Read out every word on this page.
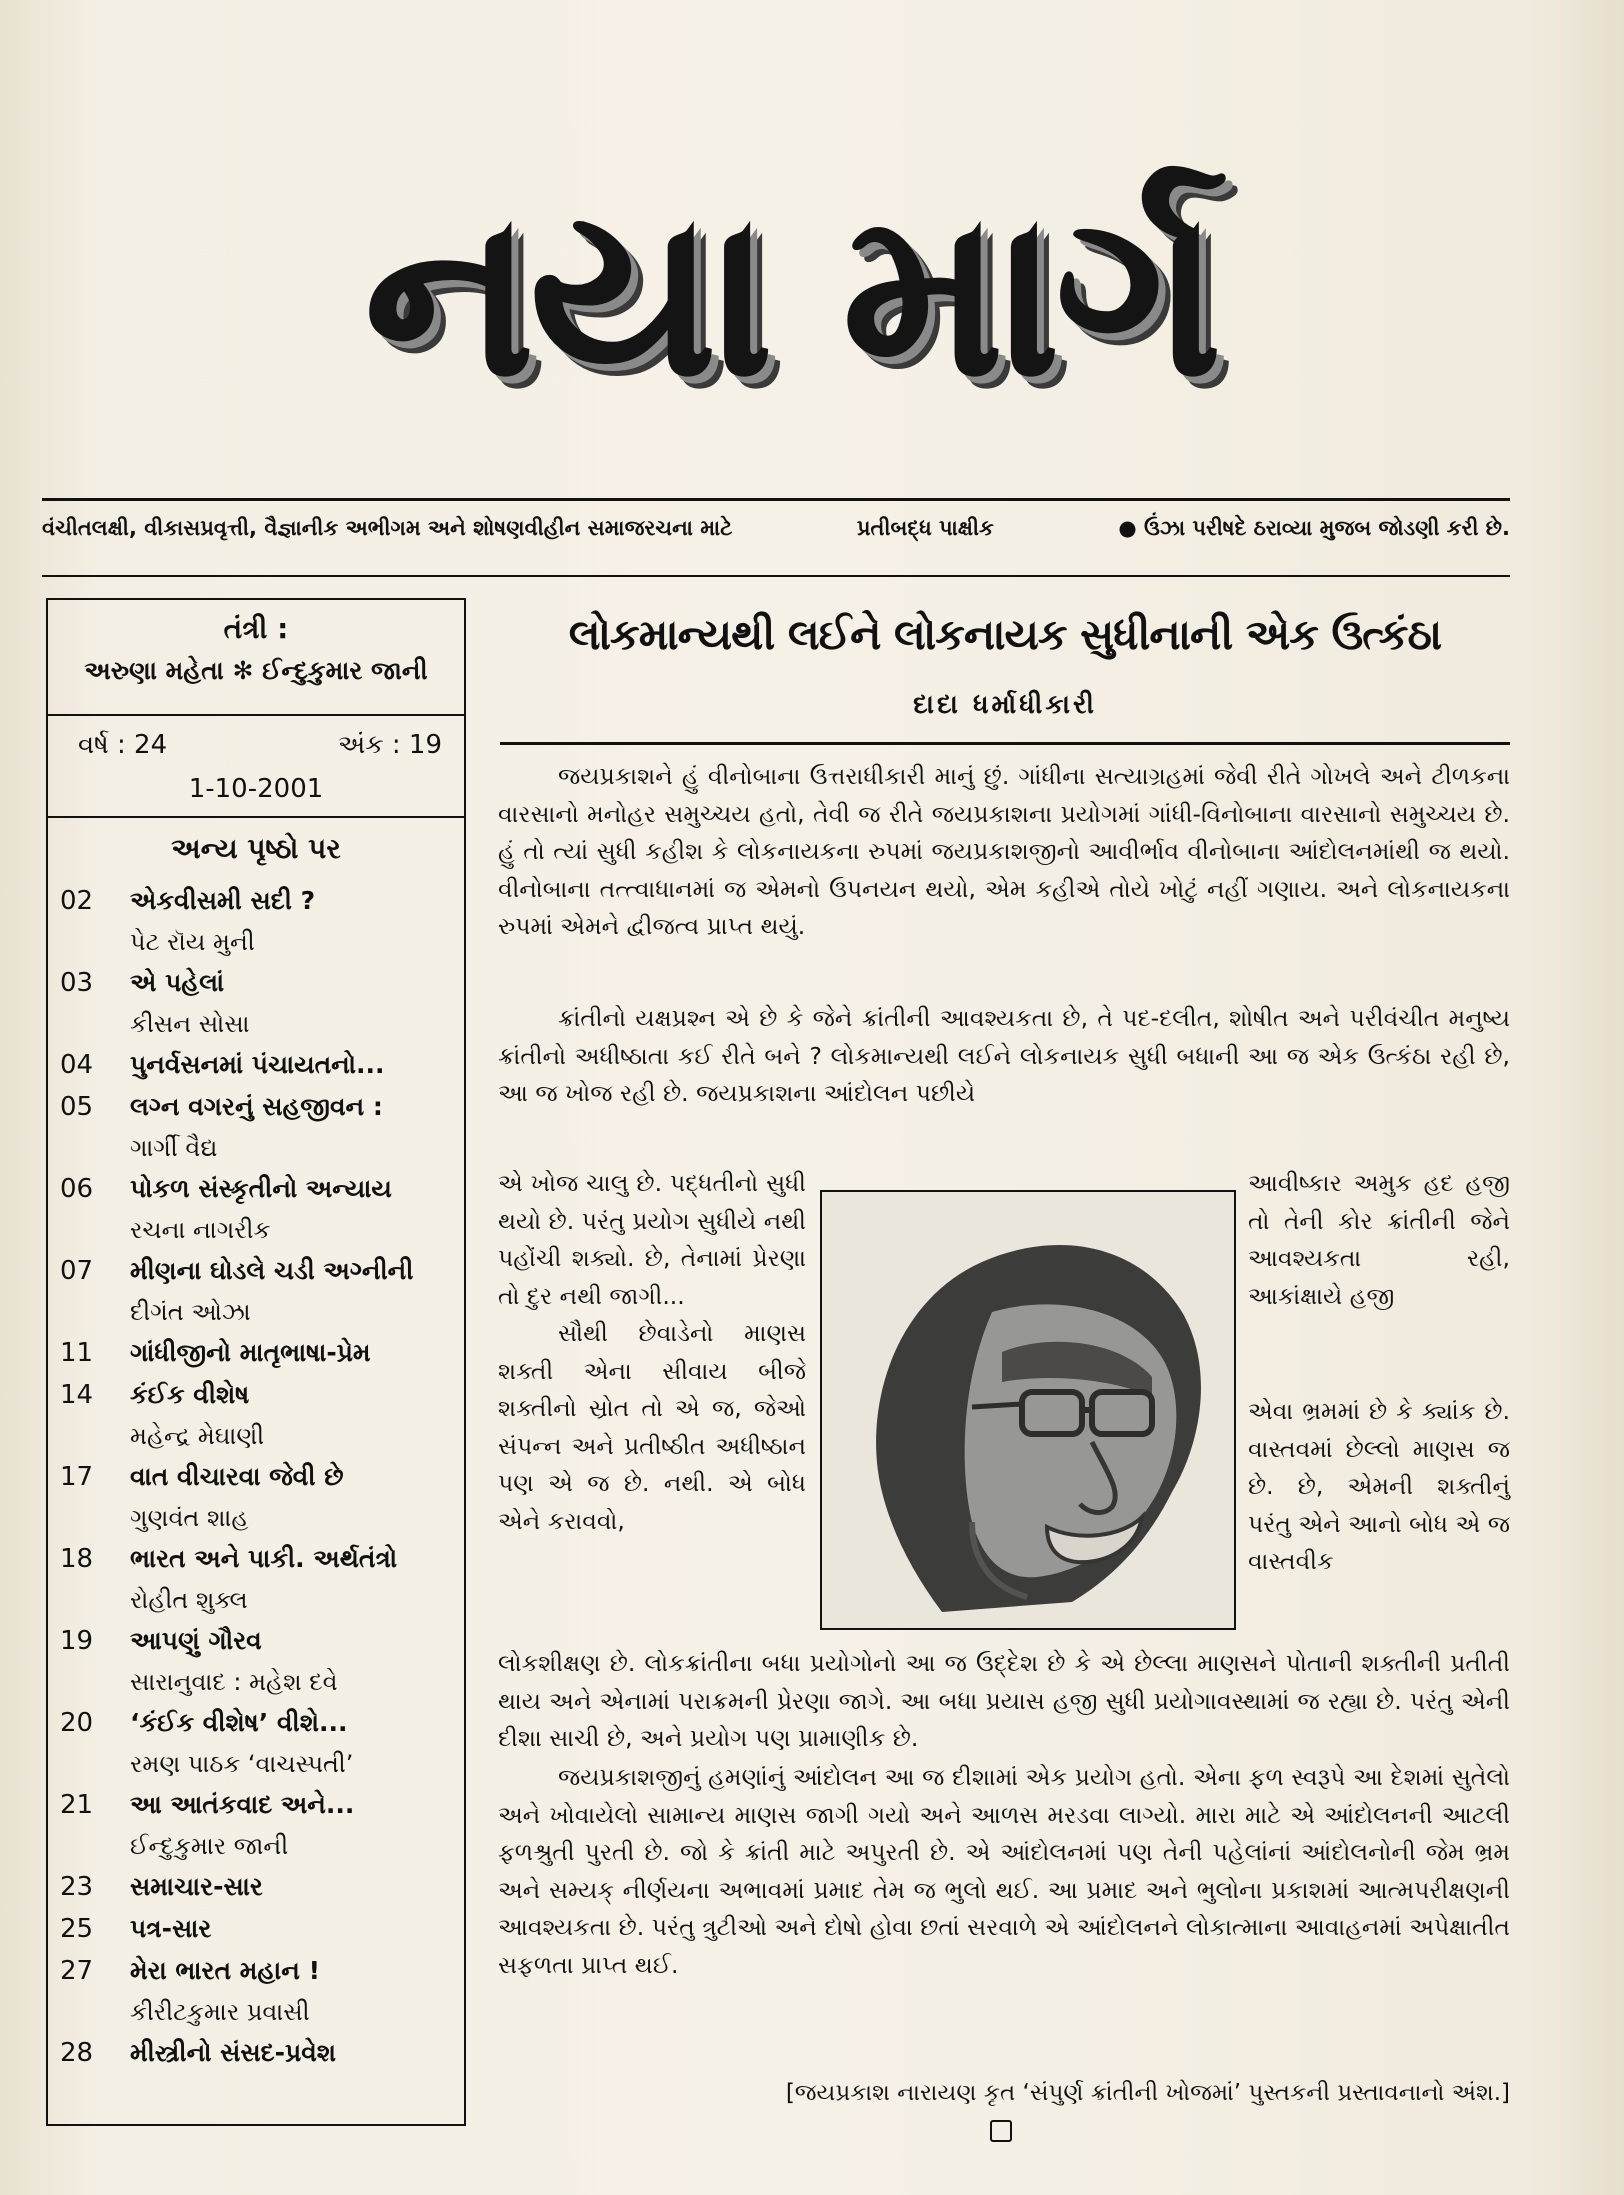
નયા માર્ગ
વંચીતલક્ષી, વીકાસપ્રવૃત્તી, વૈજ્ઞાનીક અભીગમ અને શોષણવીહીન સમાજરચના માટે	પ્રતીબદ્ધ પાક્ષીક	● ઉંઝા પરીષદે ઠરાવ્યા મુજબ જોડણી કરી છે.
તંત્રી :
અરુણા મહેતા ✻ ઈન્દુકુમાર જાની
વર્ષ : 24	અંક : 19
1-10-2001
અન્ય પૃષ્ઠો પર
02 એકવીસમી સદી ?
પેટ રૉય મુની
03 એ પહેલાં
કીસન સોસા
04 પુનર્વસનમાં પંચાયતનો...
05 લગ્ન વગરનું સહજીવન :
ગાર્ગી વૈદ્ય
06 પોકળ સંસ્કૃતીનો અન્યાય
રચના નાગરીક
07 મીણના ઘોડલે ચડી અગ્નીની
દીગંત ઓઝા
11 ગાંધીજીનો માતૃભાષા-પ્રેમ
14 કંઈક વીશેષ
મહેન્દ્ર મેઘાણી
17 વાત વીચારવા જેવી છે
ગુણવંત શાહ
18 ભારત અને પાકી. અર્થતંત્રો
રોહીત શુક્લ
19 આપણું ગૌરવ
સારાનુવાદ : મહેશ દવે
20 ‘કંઈક વીશેષ’ વીશે...
રમણ પાઠક ‘વાચસ્પતી’
21 આ આતંકવાદ અને...
ઈન્દુકુમાર જાની
23 સમાચાર-સાર
25 પત્ર-સાર
27 મેરા ભારત મહાન !
કીરીટકુમાર પ્રવાસી
28 મીસ્ત્રીનો સંસદ-પ્રવેશ
લોકમાન્યથી લઈને લોકનાયક સુધીનાની એક ઉત્કંઠા
દાદા ધર્માધીકારી
જયપ્રકાશને હું વીનોબાના ઉત્તરાધીકારી માનું છું. ગાંધીના સત્યાગ્રહમાં જેવી રીતે ગોખલે અને ટીળકના વારસાનો મનોહર સમુચ્ચય હતો, તેવી જ રીતે જયપ્રકાશના પ્રયોગમાં ગાંધી-વિનોબાના વારસાનો સમુચ્ચય છે. હું તો ત્યાં સુધી કહીશ કે લોકનાયકના રુપમાં જયપ્રકાશજીનો આવીર્ભાવ વીનોબાના આંદોલનમાંથી જ થયો. વીનોબાના તત્ત્વાધાનમાં જ એમનો ઉપનયન થયો, એમ કહીએ તોયે ખોટું નહીં ગણાય. અને લોકનાયકના રુપમાં એમને દ્વીજત્વ પ્રાપ્ત થયું.
ક્રાંતીનો યક્ષપ્રશ્ન એ છે કે જેને ક્રાંતીની આવશ્યકતા છે, તે પદ-દલીત, શોષીત અને પરીવંચીત મનુષ્ય ક્રાંતીનો અધીષ્ઠાતા કઈ રીતે બને ? લોકમાન્યથી લઈને લોકનાયક સુધી બધાની આ જ એક ઉત્કંઠા રહી છે, આ જ ખોજ રહી છે. જયપ્રકાશના આંદોલન પછીયે
એ ખોજ ચાલુ છે. પદ્ધતીનો સુધી થયો છે. પરંતુ પ્રયોગ સુધીયે નથી પહોંચી શક્યો. છે, તેનામાં પ્રેરણા તો દુર નથી જાગી...
સૌથી છેવાડેનો માણસ શક્તી એના સીવાય બીજે શક્તીનો સ્રોત તો એ જ, જેઓ સંપન્ન અને પ્રતીષ્ઠીત અધીષ્ઠાન પણ એ જ છે. નથી. એ બોધ એને કરાવવો,
આવીષ્કાર અમુક હદ હજી તો તેની કોર ક્રાંતીની જેને આવશ્યકતા રહી, આકાંક્ષાયે હજી
એવા ભ્રમમાં છે કે ક્યાંક છે. વાસ્તવમાં છેલ્લો માણસ જ છે. છે, એમની શક્તીનું પરંતુ એને આનો બોધ એ જ વાસ્તવીક
લોકશીક્ષણ છે. લોકક્રાંતીના બધા પ્રયોગોનો આ જ ઉદ્દેશ છે કે એ છેલ્લા માણસને પોતાની શક્તીની પ્રતીતી થાય અને એનામાં પરાક્રમની પ્રેરણા જાગે. આ બધા પ્રયાસ હજી સુધી પ્રયોગાવસ્થામાં જ રહ્યા છે. પરંતુ એની દીશા સાચી છે, અને પ્રયોગ પણ પ્રામાણીક છે.
જયપ્રકાશજીનું હમણાંનું આંદોલન આ જ દીશામાં એક પ્રયોગ હતો. એના ફળ સ્વરૂપે આ દેશમાં સુતેલો અને ખોવાયેલો સામાન્ય માણસ જાગી ગયો અને આળસ મરડવા લાગ્યો. મારા માટે એ આંદોલનની આટલી ફળશ્રુતી પુરતી છે. જો કે ક્રાંતી માટે અપુરતી છે. એ આંદોલનમાં પણ તેની પહેલાંનાં આંદોલનોની જેમ ભ્રમ અને સમ્યક્ નીર્ણયના અભાવમાં પ્રમાદ તેમ જ ભુલો થઈ. આ પ્રમાદ અને ભુલોના પ્રકાશમાં આત્મપરીક્ષણની આવશ્યકતા છે. પરંતુ ત્રુટીઓ અને દોષો હોવા છતાં સરવાળે એ આંદોલનને લોકાત્માના આવાહનમાં અપેક્ષાતીત સફળતા પ્રાપ્ત થઈ.
[જયપ્રકાશ નારાયણ કૃત ‘સંપુર્ણ ક્રાંતીની ખોજમાં’ પુસ્તકની પ્રસ્તાવનાનો અંશ.]
